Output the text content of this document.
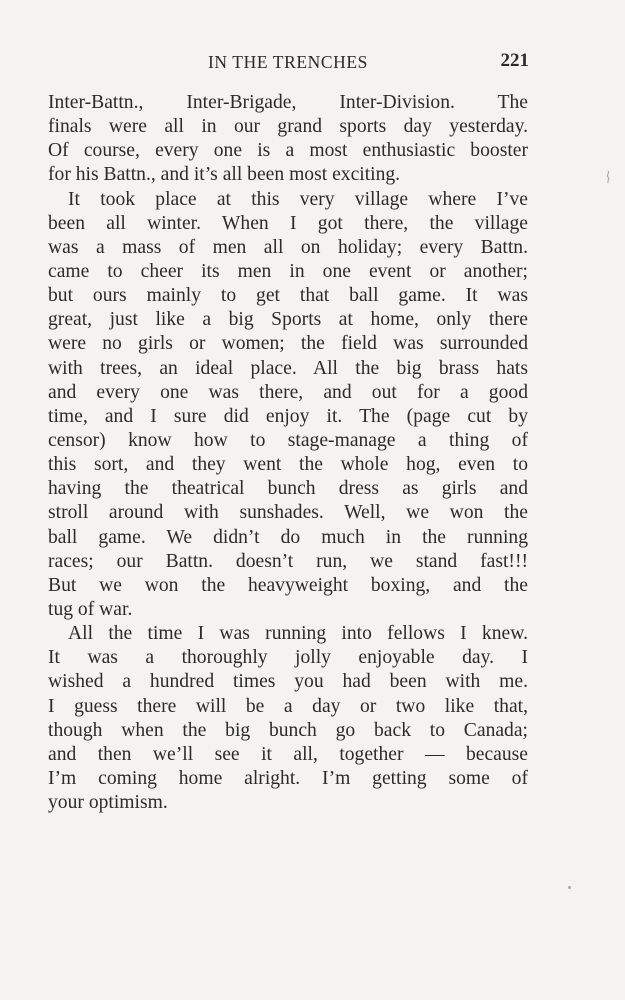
IN THE TRENCHES	221
Inter-Battn., Inter-Brigade, Inter-Division. The
finals were all in our grand sports day yesterday.
Of course, every one is a most enthusiastic booster
for his Battn., and it’s all been most exciting.
It took place at this very village where I’ve
been all winter. When I got there, the village
was a mass of men all on holiday; every Battn.
came to cheer its men in one event or another;
but ours mainly to get that ball game. It was
great, just like a big Sports at home, only there
were no girls or women; the field was surrounded
with trees, an ideal place. All the big brass hats
and every one was there, and out for a good
time, and I sure did enjoy it. The (page cut by
censor) know how to stage-manage a thing of
this sort, and they went the whole hog, even to
having the theatrical bunch dress as girls and
stroll around with sunshades. Well, we won the
ball game. We didn’t do much in the running
races; our Battn. doesn’t run, we stand fast!!!
But we won the heavyweight boxing, and the
tug of war.
All the time I was running into fellows I knew.
It was a thoroughly jolly enjoyable day. I
wished a hundred times you had been with me.
I guess there will be a day or two like that,
though when the big bunch go back to Canada;
and then we’ll see it all, together — because
I’m coming home alright. I’m getting some of
your optimism.
